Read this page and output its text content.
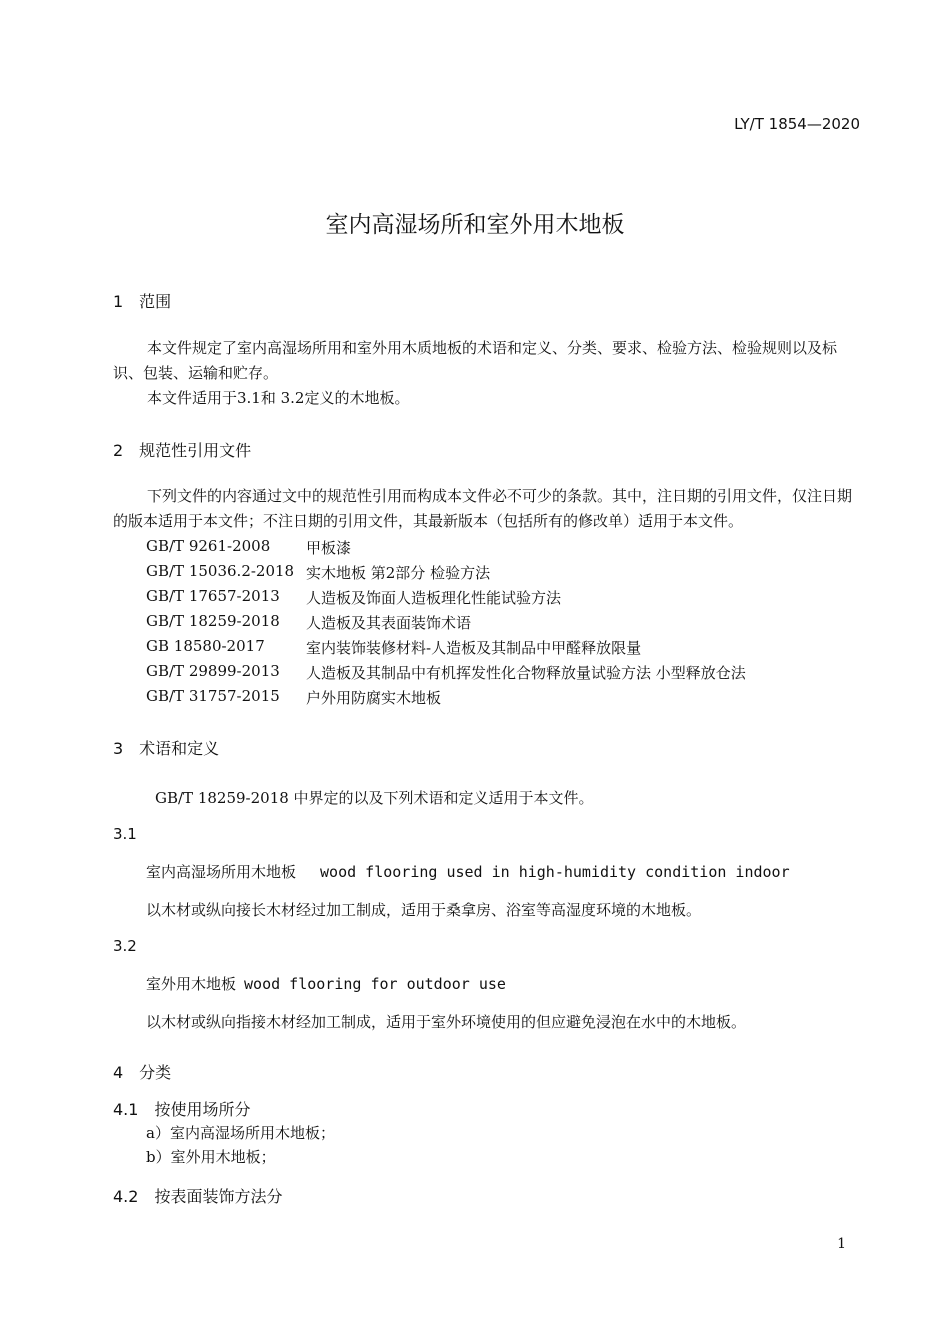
LY/T 1854—2020
室内高湿场所和室外用木地板
1　范围
本文件规定了室内高湿场所用和室外用木质地板的术语和定义、分类、要求、检验方法、检验规则以及标识、包装、运输和贮存。
本文件适用于3.1和 3.2定义的木地板。
2　规范性引用文件
下列文件的内容通过文中的规范性引用而构成本文件必不可少的条款。其中，注日期的引用文件，仅注日期的版本适用于本文件；不注日期的引用文件，其最新版本（包括所有的修改单）适用于本文件。
GB/T 9261-2008 甲板漆
GB/T 15036.2-2018 实木地板 第2部分 检验方法
GB/T 17657-2013 人造板及饰面人造板理化性能试验方法
GB/T 18259-2018 人造板及其表面装饰术语
GB 18580-2017	室内装饰装修材料-人造板及其制品中甲醛释放限量
GB/T 29899-2013 人造板及其制品中有机挥发性化合物释放量试验方法 小型释放仓法
GB/T 31757-2015 户外用防腐实木地板
3　术语和定义
GB/T 18259-2018 中界定的以及下列术语和定义适用于本文件。
3.1
室内高湿场所用木地板 wood flooring used in high-humidity condition indoor
以木材或纵向接长木材经过加工制成，适用于桑拿房、浴室等高湿度环境的木地板。
3.2
室外用木地板 wood flooring for outdoor use
以木材或纵向指接木材经加工制成，适用于室外环境使用的但应避免浸泡在水中的木地板。
4　分类
4.1　按使用场所分
a）室内高湿场所用木地板；
b）室外用木地板；
4.2　按表面装饰方法分
1
